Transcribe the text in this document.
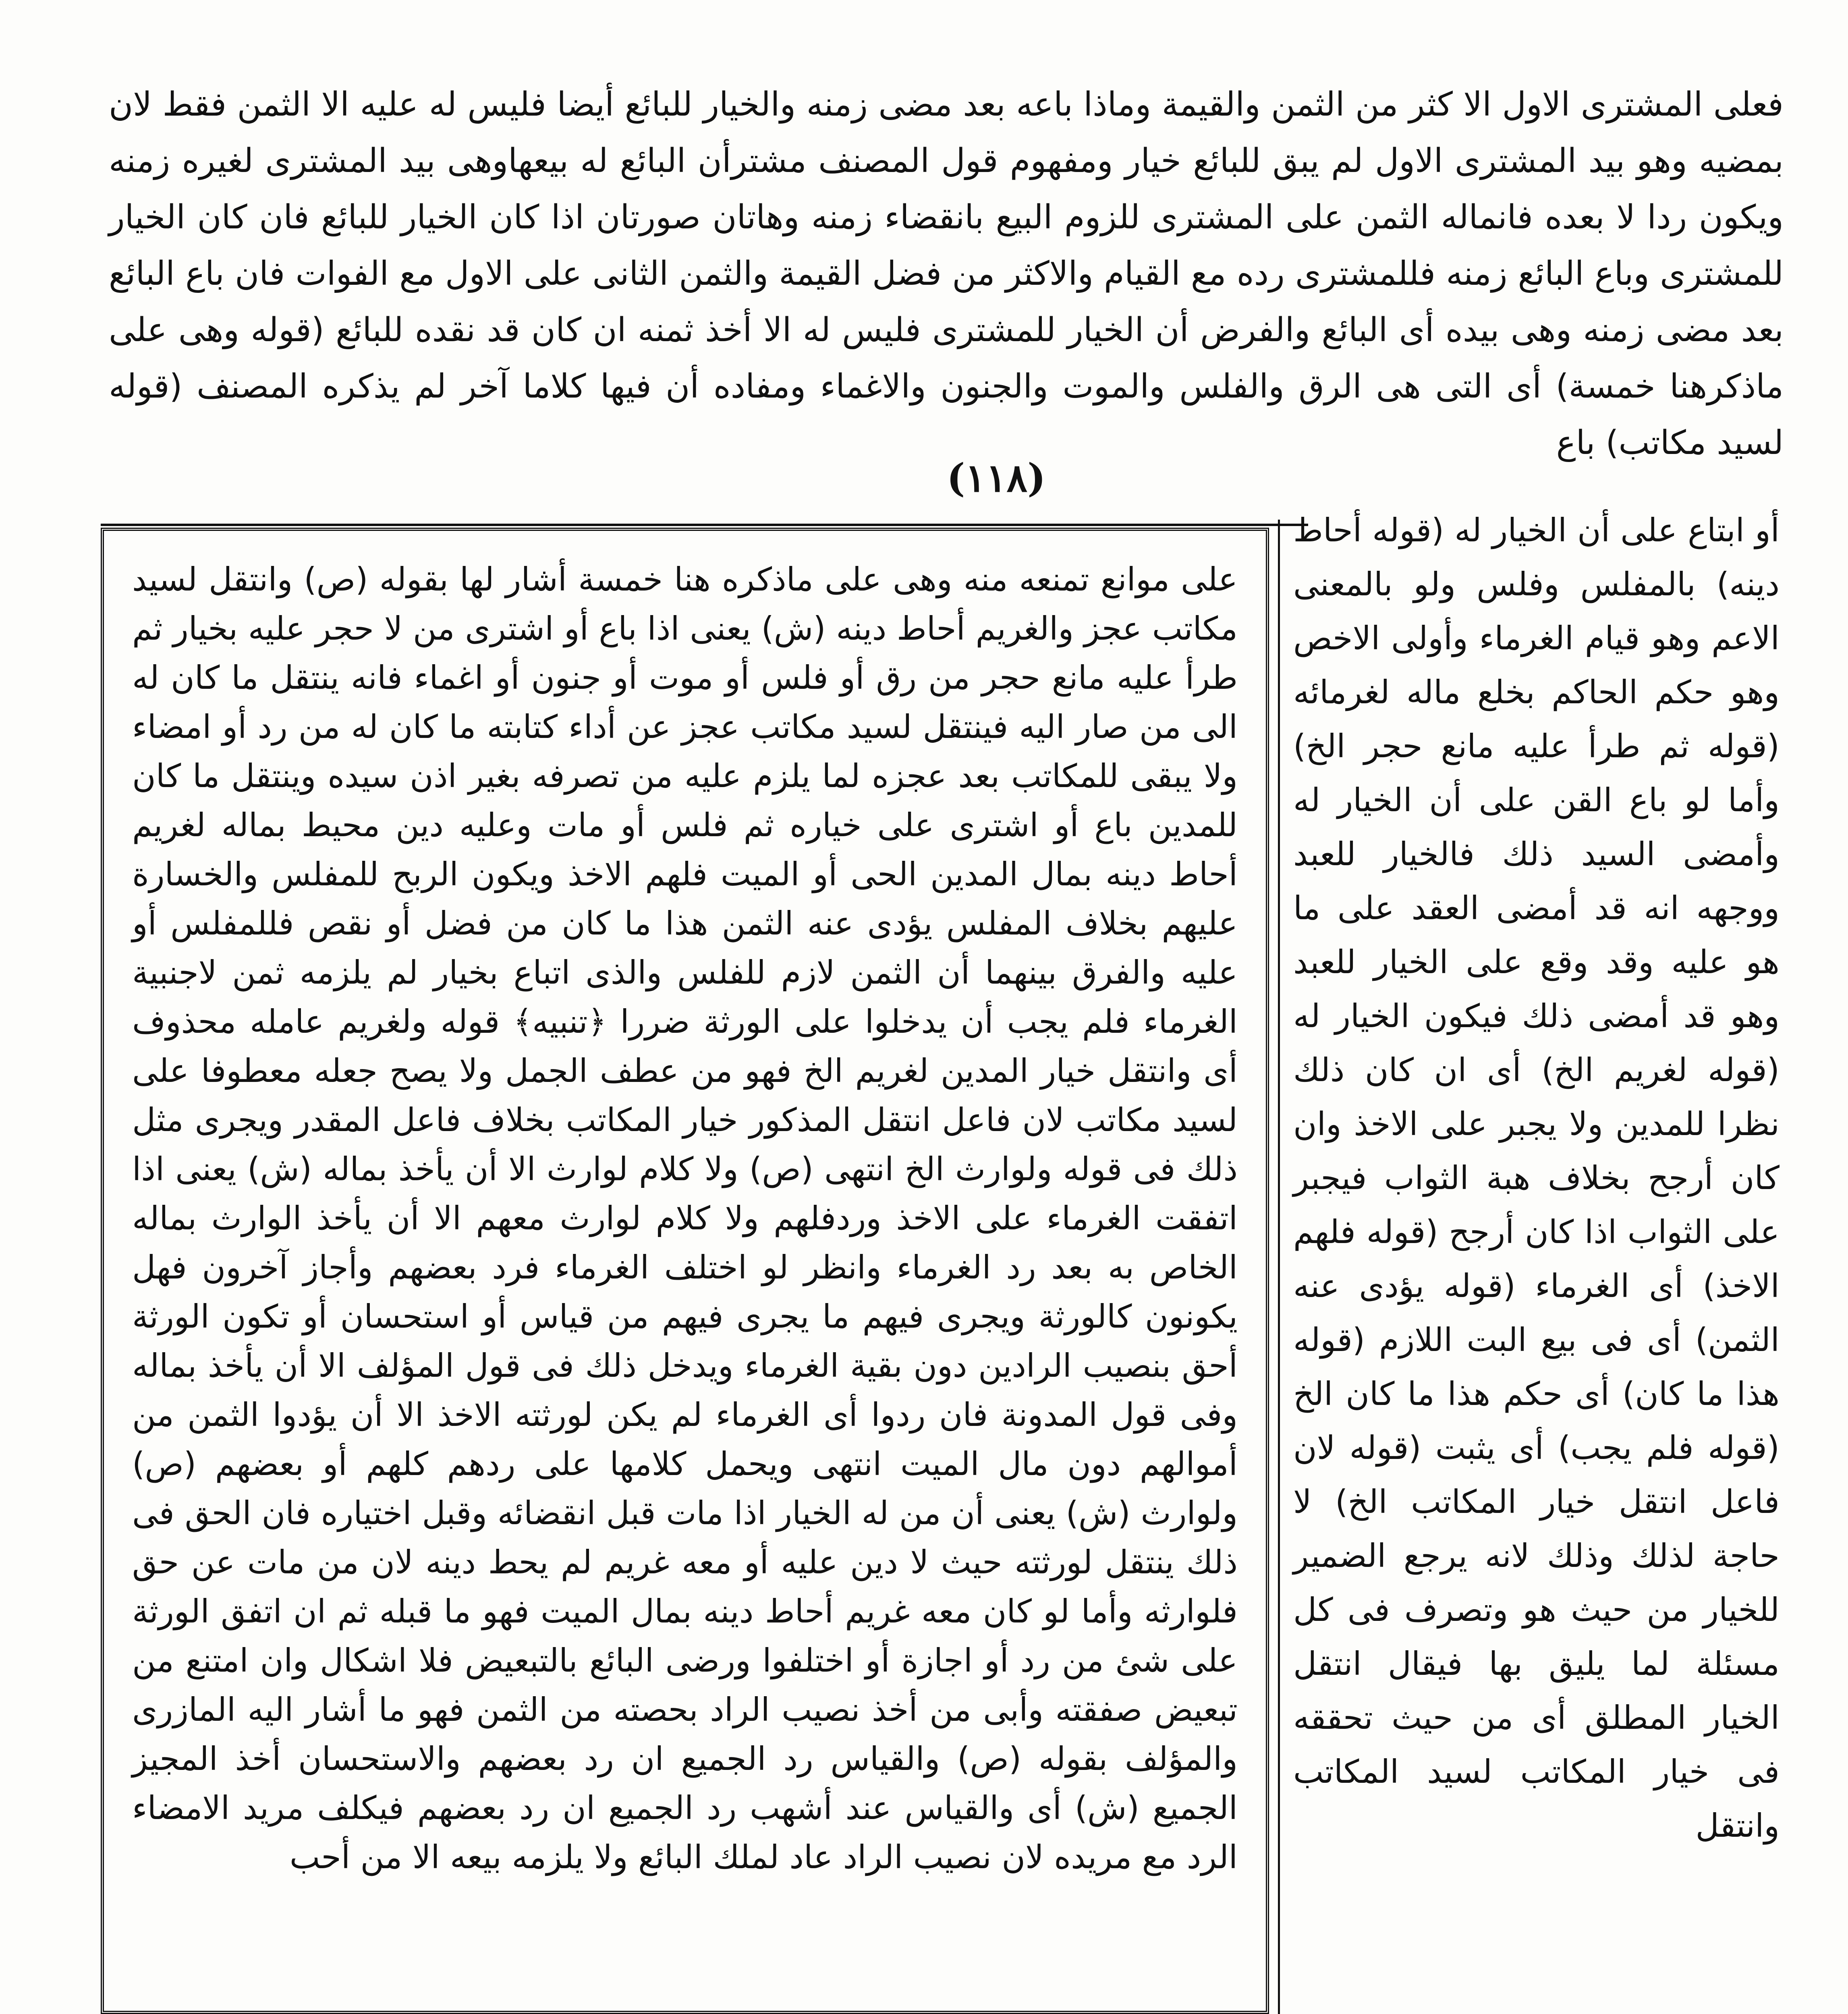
فعلى المشترى الاول الا كثر من الثمن والقيمة وماذا باعه بعد مضى زمنه والخيار للبائع أيضا فليس له عليه الا الثمن فقط لان بمضيه وهو بيد المشترى الاول لم يبق للبائع خيار ومفهوم قول المصنف مشترأن البائع له بيعهاوهى بيد المشترى لغيره زمنه ويكون ردا لا بعده فانماله الثمن على المشترى للزوم البيع بانقضاء زمنه وهاتان صورتان اذا كان الخيار للبائع فان كان الخيار للمشترى وباع البائع زمنه فللمشترى رده مع القيام والاكثر من فضل القيمة والثمن الثانى على الاول مع الفوات فان باع البائع بعد مضى زمنه وهى بيده أى البائع والفرض أن الخيار للمشترى فليس له الا أخذ ثمنه ان كان قد نقده للبائع (قوله وهى على ماذكرهنا خمسة) أى التى هى الرق والفلس والموت والجنون والاغماء ومفاده أن فيها كلاما آخر لم يذكره المصنف (قوله لسيد مكاتب) باع

(١١٨)

على موانع تمنعه منه وهى على ماذكره هنا خمسة أشار لها بقوله (ص) وانتقل لسيد مكاتب عجز والغريم أحاط دينه (ش) يعنى اذا باع أو اشترى من لا حجر عليه بخيار ثم طرأ عليه مانع حجر من رق أو فلس أو موت أو جنون أو اغماء فانه ينتقل ما كان له الى من صار اليه فينتقل لسيد مكاتب عجز عن أداء كتابته ما كان له من رد أو امضاء ولا يبقى للمكاتب بعد عجزه لما يلزم عليه من تصرفه بغير اذن سيده وينتقل ما كان للمدين باع أو اشترى على خياره ثم فلس أو مات وعليه دين محيط بماله لغريم أحاط دينه بمال المدين الحى أو الميت فلهم الاخذ ويكون الربح للمفلس والخسارة عليهم بخلاف المفلس يؤدى عنه الثمن هذا ما كان من فضل أو نقص فللمفلس أو عليه والفرق بينهما أن الثمن لازم للفلس والذى اتباع بخيار لم يلزمه ثمن لاجنبية الغرماء فلم يجب أن يدخلوا على الورثة ضررا ﴿تنبيه﴾ قوله ولغريم عامله محذوف أى وانتقل خيار المدين لغريم الخ فهو من عطف الجمل ولا يصح جعله معطوفا على لسيد مكاتب لان فاعل انتقل المذكور خيار المكاتب بخلاف فاعل المقدر ويجرى مثل ذلك فى قوله ولوارث الخ انتهى (ص) ولا كلام لوارث الا أن يأخذ بماله (ش) يعنى اذا اتفقت الغرماء على الاخذ وردفلهم ولا كلام لوارث معهم الا أن يأخذ الوارث بماله الخاص به بعد رد الغرماء وانظر لو اختلف الغرماء فرد بعضهم وأجاز آخرون فهل يكونون كالورثة ويجرى فيهم ما يجرى فيهم من قياس أو استحسان أو تكون الورثة أحق بنصيب الرادين دون بقية الغرماء ويدخل ذلك فى قول المؤلف الا أن يأخذ بماله وفى قول المدونة فان ردوا أى الغرماء لم يكن لورثته الاخذ الا أن يؤدوا الثمن من أموالهم دون مال الميت انتهى ويحمل كلامها على ردهم كلهم أو بعضهم (ص) ولوارث (ش) يعنى أن من له الخيار اذا مات قبل انقضائه وقبل اختياره فان الحق فى ذلك ينتقل لورثته حيث لا دين عليه أو معه غريم لم يحط دينه لان من مات عن حق فلوارثه وأما لو كان معه غريم أحاط دينه بمال الميت فهو ما قبله ثم ان اتفق الورثة على شئ من رد أو اجازة أو اختلفوا ورضى البائع بالتبعيض فلا اشكال وان امتنع من تبعيض صفقته وأبى من أخذ نصيب الراد بحصته من الثمن فهو ما أشار اليه المازرى والمؤلف بقوله (ص) والقياس رد الجميع ان رد بعضهم والاستحسان أخذ المجيز الجميع (ش) أى والقياس عند أشهب رد الجميع ان رد بعضهم فيكلف مريد الامضاء الرد مع مريده لان نصيب الراد عاد لملك البائع ولا يلزمه بيعه الا من أحب

أو ابتاع على أن الخيار له (قوله أحاط دينه) بالمفلس وفلس ولو بالمعنى الاعم وهو قيام الغرماء وأولى الاخص وهو حكم الحاكم بخلع ماله لغرمائه (قوله ثم طرأ عليه مانع حجر الخ) وأما لو باع القن على أن الخيار له وأمضى السيد ذلك فالخيار للعبد ووجهه انه قد أمضى العقد على ما هو عليه وقد وقع على الخيار للعبد وهو قد أمضى ذلك فيكون الخيار له (قوله لغريم الخ) أى ان كان ذلك نظرا للمدين ولا يجبر على الاخذ وان كان أرجح بخلاف هبة الثواب فيجبر على الثواب اذا كان أرجح (قوله فلهم الاخذ) أى الغرماء (قوله يؤدى عنه الثمن) أى فى بيع البت اللازم (قوله هذا ما كان) أى حكم هذا ما كان الخ (قوله فلم يجب) أى يثبت (قوله لان فاعل انتقل خيار المكاتب الخ) لا حاجة لذلك وذلك لانه يرجع الضمير للخيار من حيث هو وتصرف فى كل مسئلة لما يليق بها فيقال انتقل الخيار المطلق أى من حيث تحققه فى خيار المكاتب لسيد المكاتب وانتقل
